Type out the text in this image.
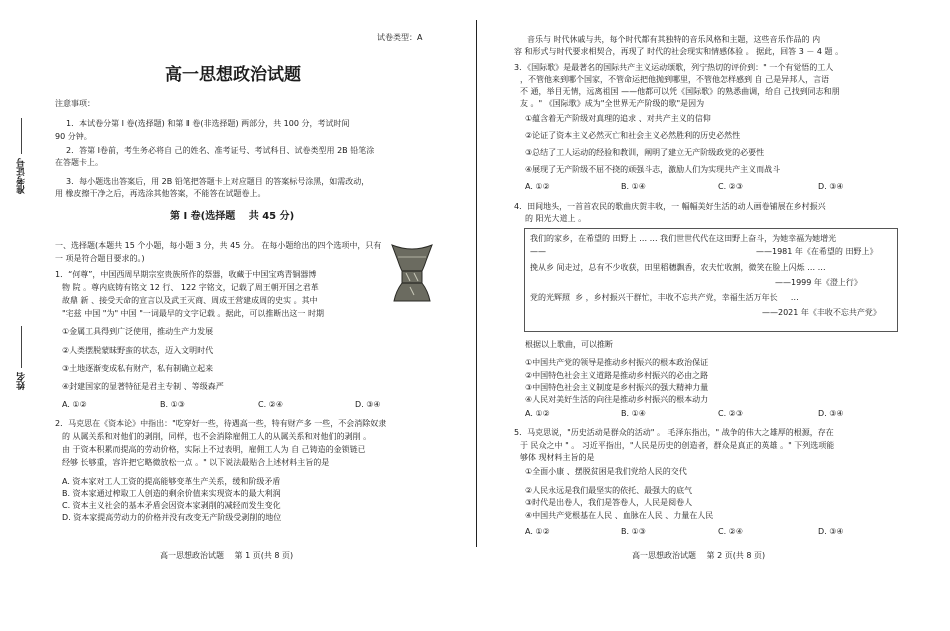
准考证号
姓名
试卷类型：A
高一思想政治试题
注意事项：
1．本试卷分第 Ⅰ 卷(选择题) 和第 Ⅱ 卷(非选择题) 两部分，共 100 分，考试时间
90 分钟。
2．答第 Ⅰ卷前，考生务必将自 己的姓名、准考证号、考试科目、试卷类型用 2B 铅笔涂
在答题卡上。
3．每小题选出答案后，用 2B 铅笔把答题卡上对应题目 的答案标号涂黑，如需改动，
用 橡皮擦干净之后，再选涂其他答案，不能答在试题卷上。
第 Ⅰ 卷(选择题　 共 45 分)
一、选择题(本题共 15 个小题，每小题 3 分，共 45 分。 在每小题给出的四个选项中，只有
一 项是符合题目要求的。)
1．“何尊”，中国西周早期宗室贵族所作的祭器，收藏于中国宝鸡青铜器博
物 院 。尊内底铸有铭文 12 行、 122 字铭文，记载了周王朝开国之君革
故鼎 新 、接受天命的宣言以及武王灭商、周成王营建成周的史实 。其中
"宅兹 中国 "为" 中国 "一词最早的文字记载 。据此，可以推断出这一 时期
①金属工具得到广泛使用，推动生产力发展
②人类摆脱蒙昧野蛮的状态，迈入文明时代
③土地逐渐变成私有财产，私有制确立起来
④封建国家的显著特征是君主专制 、等级森严
A. ①②	B. ①③	C. ②④	D. ③④
2．马克思在《资本论》中指出："吃穿好一些，待遇高一些，特有财产多 一些，不会消除奴隶
的 从属关系和对他们的剥削，同样，也不会消除雇佣工人的从属关系和对他们的剥削 。
由 于资本积累而提高的劳动价格，实际上不过表明，雇佣工人为 自 己铸造的金锁链已
经够 长够重，容许把它略微放松一点 。" 以下说法最贴合上述材料主旨的是
A. 资本家对工人工资的提高能够变革生产关系，缓和阶级矛盾
B. 资本家通过榨取工人创造的剩余价值来实现资本的最大利润
C. 资本主义社会的基本矛盾会因资本家剥削的减轻而发生变化
D. 资本家提高劳动力的价格并没有改变无产阶级受剥削的地位
高一思想政治试题　 第 1 页(共 8 页)
音乐与 时代休戚与共，每个时代都有其独特的音乐风格和主题，这些音乐作品的 内
容 和形式与时代要求相契合，再现了 时代的社会现实和情感体验 。 据此，回答 3 － 4 题 。
3．《国际歌》是最著名的国际共产主义运动颂歌，列宁热切的评价到：" 一个有觉悟的工人
，不管他来到哪个国家，不管命运把他抛到哪里，不管他怎样感到 自 己是异邦人，言语
不 通，举目无情，远离祖国 ——他都可以凭《国际歌》的熟悉曲调，给自 己找到同志和朋
友 。" 《国际歌》成为"全世界无产阶级的歌"是因为
①蕴含着无产阶级对真理的追求 、对共产主义的信仰
②论证了资本主义必然灭亡和社会主义必然胜利的历史必然性
③总结了工人运动的经验和教训，阐明了建立无产阶级政党的必要性
④展现了无产阶级不屈不挠的顽强斗志，激励人们为实现共产主义而战斗
A. ①②	B. ①④	C. ②③	D. ③④
4．田间地头，一首首农民的歌曲庆贺丰收，一 幅幅美好生活的动人画卷铺展在乡村振兴
的 阳光大道上 。
我们的家乡，在希望的 田野上 … … 我们世世代代在这田野上奋斗，为她幸福为她增光
——	——1981 年《在希望的 田野上》
挽从乡 间走过，总有不少收获，田里稻穗飘香，农夫忙收割，微笑在脸上闪烁 … …
——1999 年《澄上行》
党的光辉照 ⁣ 乡 ，乡村振兴干群忙，丰收不忘共产党，幸福生活万年长 　 …
——2021 年《丰收不忘共产党》
根据以上歌曲，可以推断
①中国共产党的领导是推动乡村振兴的根本政治保证
②中国特色社会主义道路是推动乡村振兴的必由之路
③中国特色社会主义制度是乡村振兴的强大精神力量
④人民对美好生活的向往是推动乡村振兴的根本动力
A. ①②	B. ①④	C. ②③	D. ③④
5．马克思说，"历史活动是群众的活动" 。 毛泽东指出，" 战争的伟大之雄厚的根源，存在
于 民众之中 " 。 习近平指出，"人民是历史的创造者，群众是真正的英雄 。" 下列选项能
够体 现材料主旨的是
①全面小康 、摆脱贫困是我们党给人民的交代
②人民永远是我们最坚实的依托、最强大的底气
③时代是出卷人，我们是答卷人，人民是阅卷人
④中国共产党根基在人民 、血脉在人民 、力量在人民
A. ①②	B. ①③	C. ②④	D. ③④
高一思想政治试题　 第 2 页(共 8 页)
